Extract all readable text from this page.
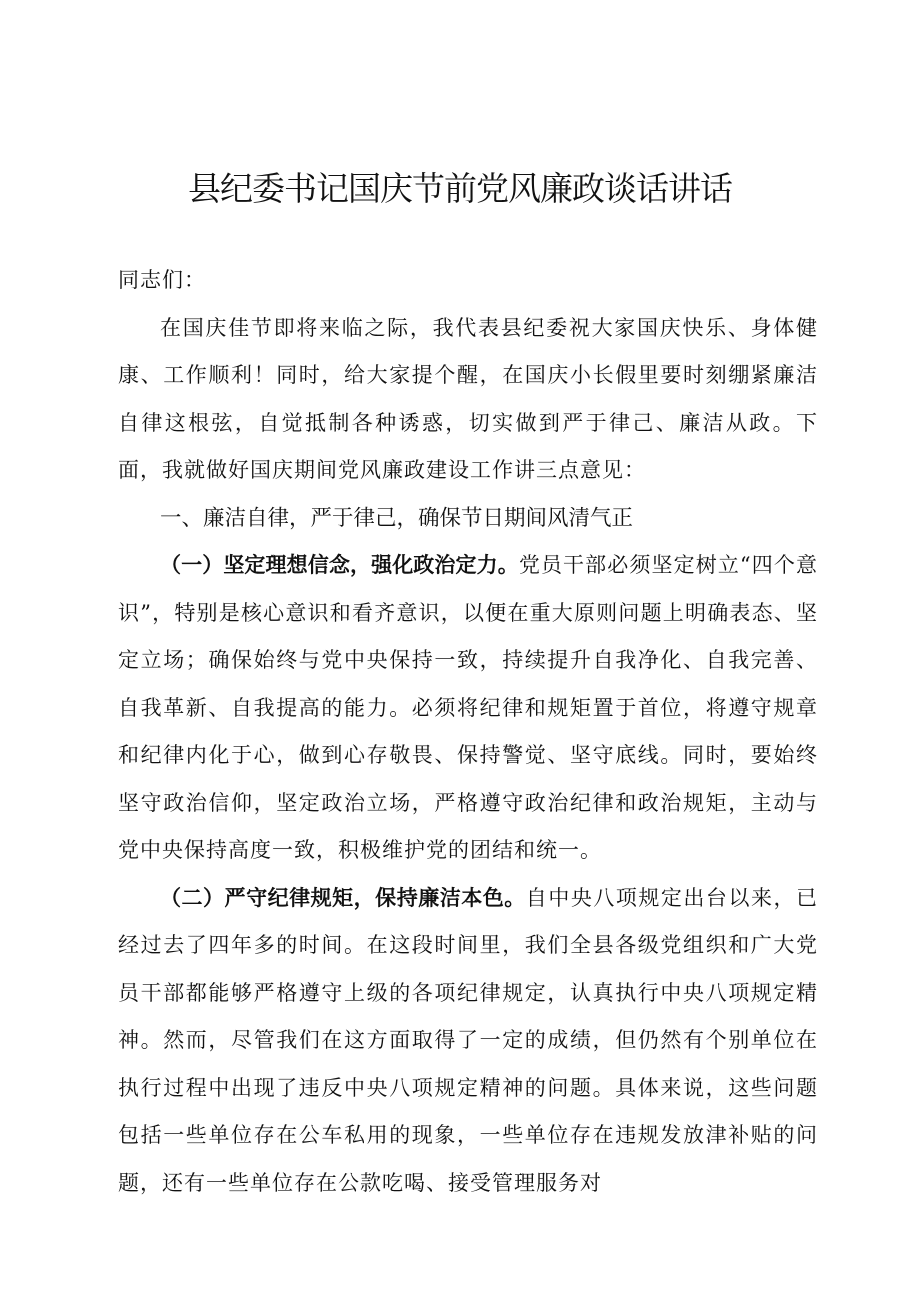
县纪委书记国庆节前党风廉政谈话讲话

同志们：

在国庆佳节即将来临之际，我代表县纪委祝大家国庆快乐、身体健康、工作顺利！同时，给大家提个醒，在国庆小长假里要时刻绷紧廉洁自律这根弦，自觉抵制各种诱惑，切实做到严于律己、廉洁从政。下面，我就做好国庆期间党风廉政建设工作讲三点意见：

一、廉洁自律，严于律己，确保节日期间风清气正

（一）坚定理想信念，强化政治定力。党员干部必须坚定树立“四个意识”，特别是核心意识和看齐意识，以便在重大原则问题上明确表态、坚定立场；确保始终与党中央保持一致，持续提升自我净化、自我完善、自我革新、自我提高的能力。必须将纪律和规矩置于首位，将遵守规章和纪律内化于心，做到心存敬畏、保持警觉、坚守底线。同时，要始终坚守政治信仰，坚定政治立场，严格遵守政治纪律和政治规矩，主动与党中央保持高度一致，积极维护党的团结和统一。

（二）严守纪律规矩，保持廉洁本色。自中央八项规定出台以来，已经过去了四年多的时间。在这段时间里，我们全县各级党组织和广大党员干部都能够严格遵守上级的各项纪律规定，认真执行中央八项规定精神。然而，尽管我们在这方面取得了一定的成绩，但仍然有个别单位在执行过程中出现了违反中央八项规定精神的问题。具体来说，这些问题包括一些单位存在公车私用的现象，一些单位存在违规发放津补贴的问题，还有一些单位存在公款吃喝、接受管理服务对
